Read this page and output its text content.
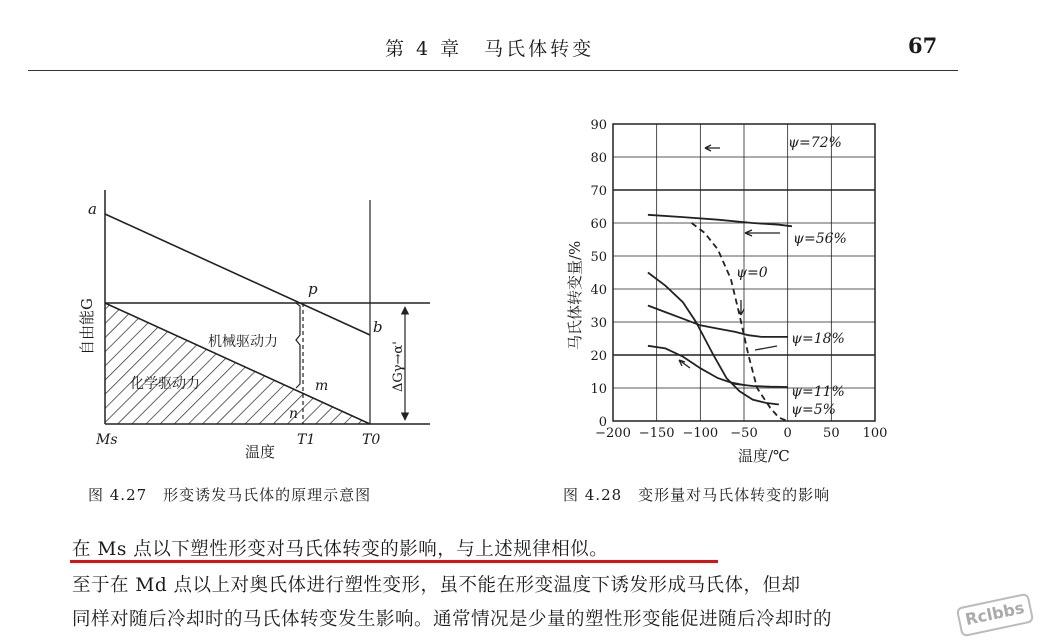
第 4 章　马氏体转变	67
a
b
p
m
n
机械驱动力
化学驱动力	ΔGγ→α'
自由能G
Ms	T1	T0
温度
0
10
20
30
40
50
60
70
80
90
−200 −150 −100 −50 0 50 100
马氏体转变量/%
温度/℃
ψ=72%
ψ=56%
ψ=0
ψ=18%
ψ=11%
ψ=5%
图 4.27　形变诱发马氏体的原理示意图	图 4.28　变形量对马氏体转变的影响
在 Ms 点以下塑性形变对马氏体转变的影响，与上述规律相似。
至于在 Md 点以上对奥氏体进行塑性变形，虽不能在形变温度下诱发形成马氏体，但却
同样对随后冷却时的马氏体转变发生影响。通常情况是少量的塑性形变能促进随后冷却时的	Rclbbs
